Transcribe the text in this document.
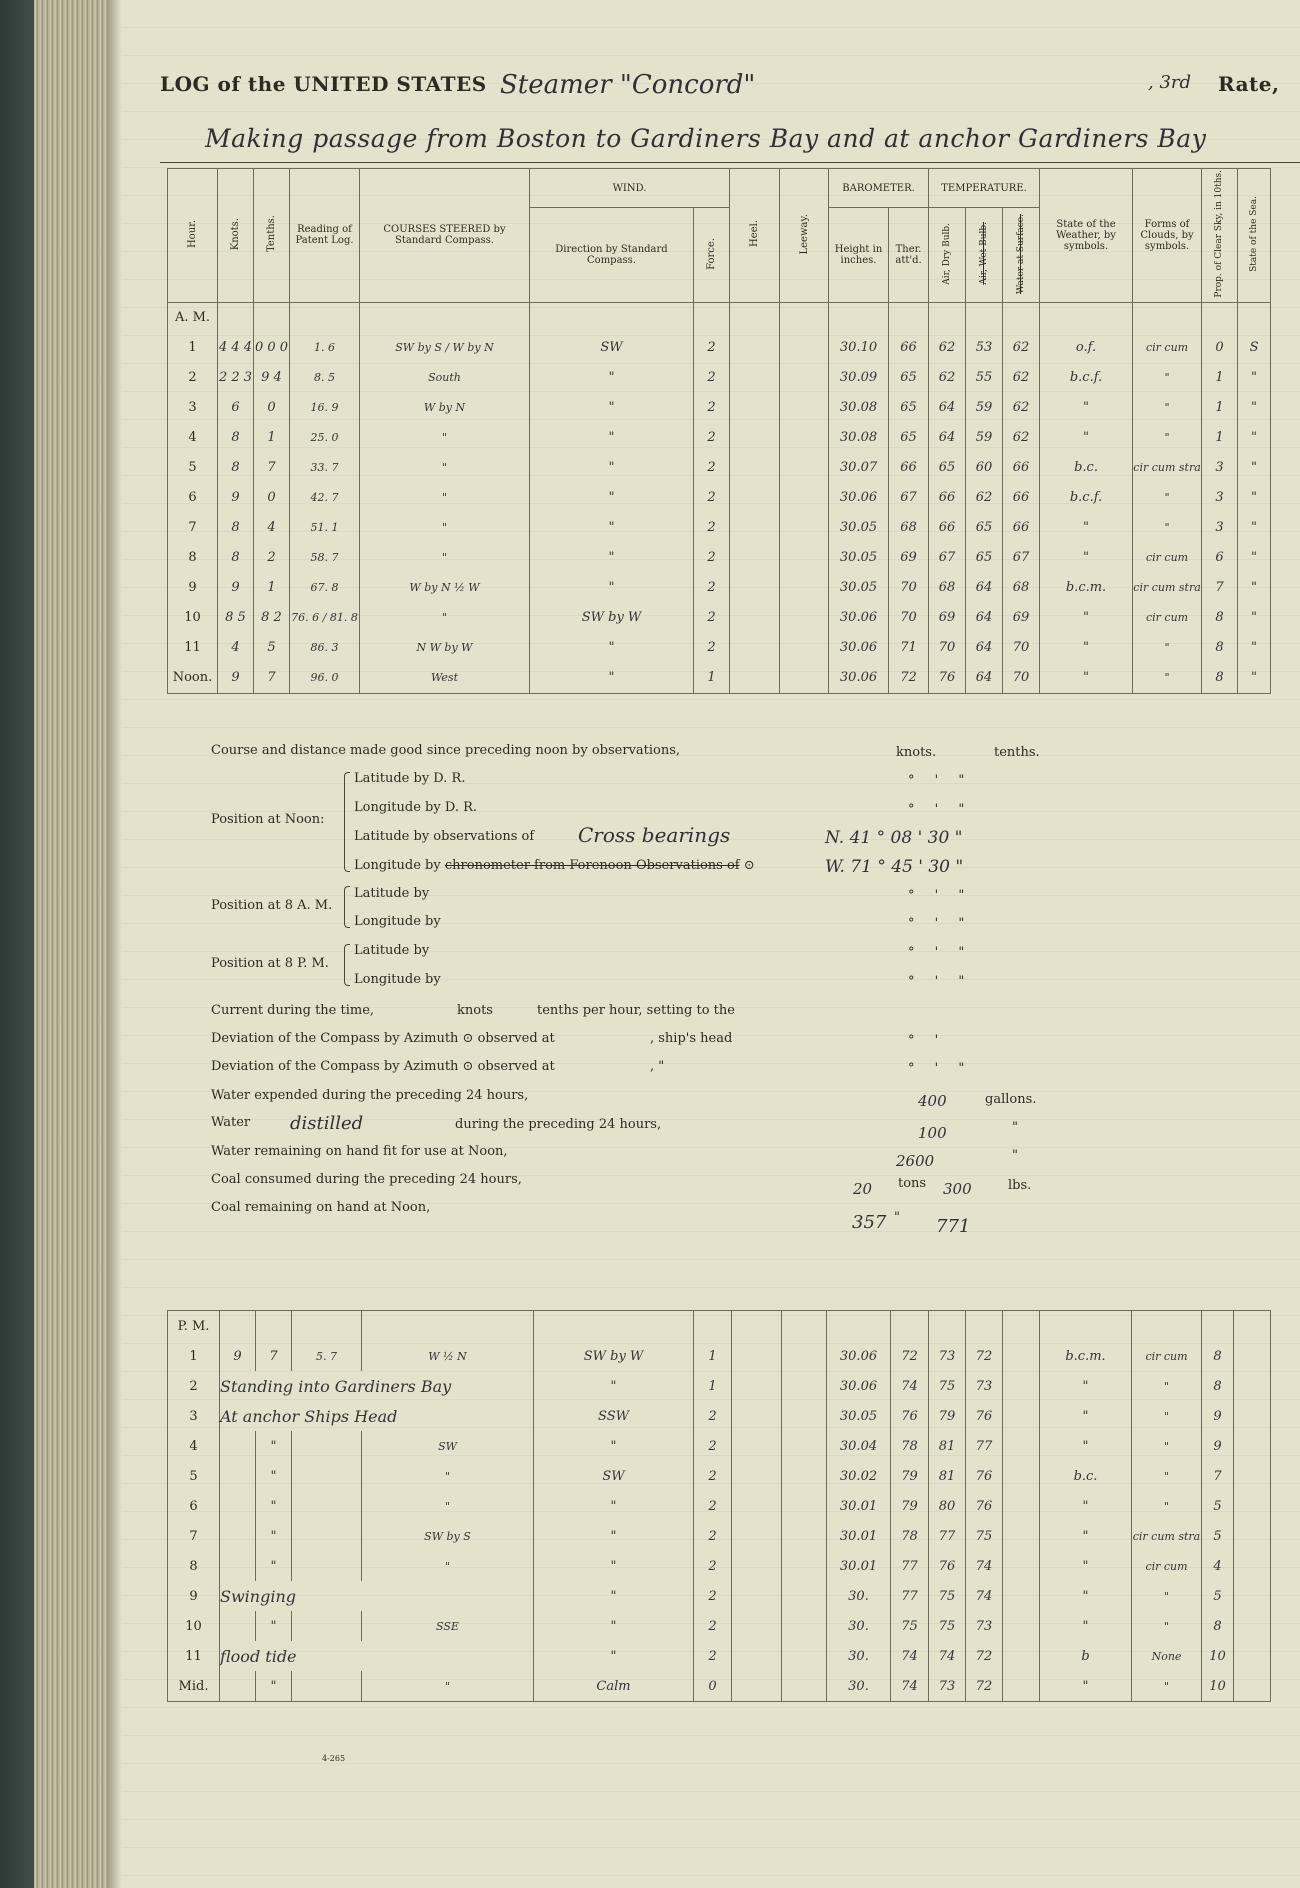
LOG of the UNITED STATES Steamer "Concord"	, 3rd Rate,
Making passage from Boston to Gardiners Bay and at anchor Gardiners Bay
Hour.	Knots.	Tenths.	Reading of Patent Log.	COURSES STEERED by Standard Compass.	WIND.		Heel.	Leeway.	BAROMETER.		TEMPERATURE.			State of the Weather, by symbols.	Forms of Clouds, by symbols.	Prop. of Clear Sky, in 10ths.	State of the Sea.
					Direction by Standard Compass.	Force.			Height in inches.	Ther. att'd.	Air, Dry Bulb.	Air, Wet Bulb.	Water at Surface.				
A. M.																	
1	4 4 4	0 0 0	1. 6	SW by S / W by N	SW	2			30.10	66	62	53	62	o.f.	cir cum	0	S
2	2 2 3	9 4	8. 5	South	"	2			30.09	65	62	55	62	b.c.f.	"	1	"
3	6	0	16. 9	W by N	"	2			30.08	65	64	59	62	"	"	1	"
4	8	1	25. 0	"	"	2			30.08	65	64	59	62	"	"	1	"
5	8	7	33. 7	"	"	2			30.07	66	65	60	66	b.c.	cir cum stra	3	"
6	9	0	42. 7	"	"	2			30.06	67	66	62	66	b.c.f.	"	3	"
7	8	4	51. 1	"	"	2			30.05	68	66	65	66	"	"	3	"
8	8	2	58. 7	"	"	2			30.05	69	67	65	67	"	cir cum	6	"
9	9	1	67. 8	W by N ½ W	"	2			30.05	70	68	64	68	b.c.m.	cir cum stra	7	"
10	8 5	8 2	76. 6 / 81. 8	"	SW by W	2			30.06	70	69	64	69	"	cir cum	8	"
11	4	5	86. 3	N W by W	"	2			30.06	71	70	64	70	"	"	8	"
Noon.	9	7	96. 0	West	"	1			30.06	72	76	64	70	"	"	8	"
Course and distance made good since preceding noon by observations,	knots.	tenths.
Position at Noon:
Latitude by D. R.	° ' "
Longitude by D. R.	° ' "
Latitude by observations of Cross bearings	N. 41 ° 08 ' 30 "
Longitude by chronometer from Forenoon Observations of ⊙	W. 71 ° 45 ' 30 "
Position at 8 A. M.
Latitude by	° ' "
Longitude by	° ' "
Position at 8 P. M.
Latitude by	° ' "
Longitude by	° ' "
Current during the time,	knots	tenths per hour, setting to the
Deviation of the Compass by Azimuth ⊙ observed at	, ship's head	° '
Deviation of the Compass by Azimuth ⊙ observed at	, "	° ' "
Water expended during the preceding 24 hours,	400	gallons.
Water distilled	during the preceding 24 hours,	100	"
Water remaining on hand fit for use at Noon,
2600	"
Coal consumed during the preceding 24 hours,
20 tons 300	lbs.
Coal remaining on hand at Noon,
357 " 771
P. M.																	
1	9	7	5. 7	W ½ N	SW by W	1			30.06	72	73	72		b.c.m.	cir cum	8	
2	Standing into Gardiners Bay				"	1			30.06	74	75	73		"	"	8	
3	At anchor Ships Head				SSW	2			30.05	76	79	76		"	"	9	
4		"		SW	"	2			30.04	78	81	77		"	"	9	
5		"		"	SW	2			30.02	79	81	76		b.c.	"	7	
6		"		"	"	2			30.01	79	80	76		"	"	5	
7		"		SW by S	"	2			30.01	78	77	75		"	cir cum stra	5	
8		"		"	"	2			30.01	77	76	74		"	cir cum	4	
9	Swinging				"	2			30.	77	75	74		"	"	5	
10		"		SSE	"	2			30.	75	75	73		"	"	8	
11	flood tide				"	2			30.	74	74	72		b	None	10	
Mid.		"		"	Calm	0			30.	74	73	72		"	"	10	
4-265
